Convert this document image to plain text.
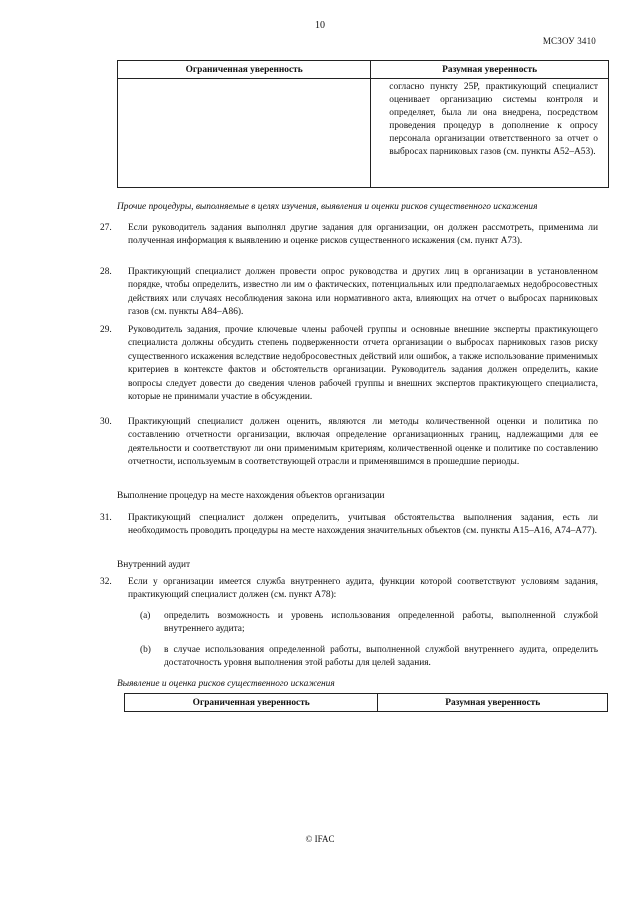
10
МСЗОУ 3410
Ограниченная уверенность	Разумная уверенность

	согласно пункту 25P, практикующий специалист оценивает организацию системы контроля и определяет, была ли она внедрена, посредством проведения процедур в дополнение к опросу персонала организации ответственного за отчет о выбросах парниковых газов (см. пункты А52–А53).
Прочие процедуры, выполняемые в целях изучения, выявления и оценки рисков существенного искажения
27. Если руководитель задания выполнял другие задания для организации, он должен рассмотреть, применима ли полученная информация к выявлению и оценке рисков существенного искажения (см. пункт А73).
28. Практикующий специалист должен провести опрос руководства и других лиц в организации в установленном порядке, чтобы определить, известно ли им о фактических, потенциальных или предполагаемых недобросовестных действиях или случаях несоблюдения закона или нормативного акта, влияющих на отчет о выбросах парниковых газов (см. пункты А84–А86).
29. Руководитель задания, прочие ключевые члены рабочей группы и основные внешние эксперты практикующего специалиста должны обсудить степень подверженности отчета организации о выбросах парниковых газов риску существенного искажения вследствие недобросовестных действий или ошибок, а также использование применимых критериев в контексте фактов и обстоятельств организации. Руководитель задания должен определить, какие вопросы следует довести до сведения членов рабочей группы и внешних экспертов практикующего специалиста, которые не принимали участие в обсуждении.
30. Практикующий специалист должен оценить, являются ли методы количественной оценки и политика по составлению отчетности организации, включая определение организационных границ, надлежащими для ее деятельности и соответствуют ли они применимым критериям, количественной оценке и политике по составлению отчетности, используемым в соответствующей отрасли и применявшимся в прошедшие периоды.
Выполнение процедур на месте нахождения объектов организации
31. Практикующий специалист должен определить, учитывая обстоятельства выполнения задания, есть ли необходимость проводить процедуры на месте нахождения значительных объектов (см. пункты А15–А16, А74–А77).
Внутренний аудит
32. Если у организации имеется служба внутреннего аудита, функции которой соответствуют условиям задания, практикующий специалист должен (см. пункт А78):
(a) определить возможность и уровень использования определенной работы, выполненной службой внутреннего аудита;
(b) в случае использования определенной работы, выполненной службой внутреннего аудита, определить достаточность уровня выполнения этой работы для целей задания.
Выявление и оценка рисков существенного искажения
Ограниченная уверенность	Разумная уверенность
© IFAC
